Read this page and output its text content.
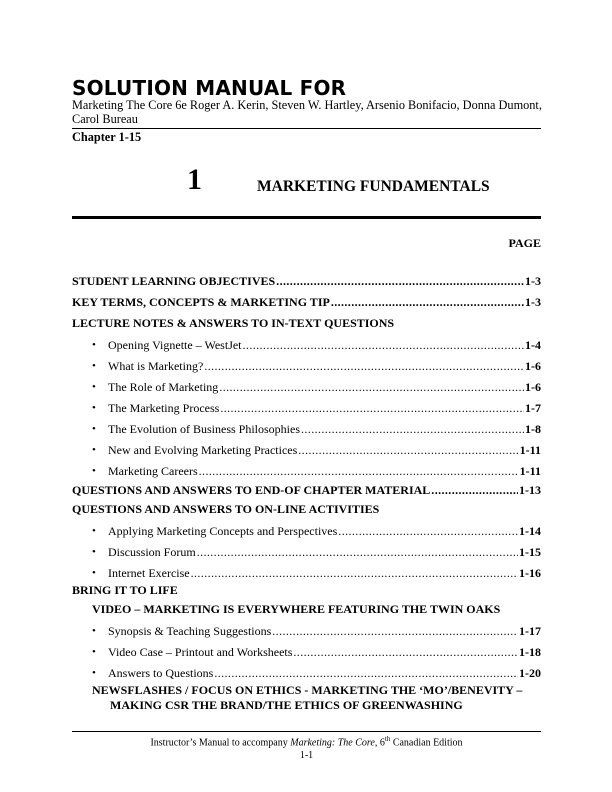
SOLUTION MANUAL FOR
Marketing The Core 6e Roger A. Kerin, Steven W. Hartley, Arsenio Bonifacio, Donna Dumont, Carol Bureau
Chapter 1-15
1	MARKETING FUNDAMENTALS
PAGE
STUDENT LEARNING OBJECTIVES .....	1-3
KEY TERMS, CONCEPTS & MARKETING TIP .....	1-3
LECTURE NOTES & ANSWERS TO IN-TEXT QUESTIONS
•	Opening Vignette – WestJet .....	1-4
•	What is Marketing? .....	1-6
•	The Role of Marketing .....	1-6
•	The Marketing Process .....	1-7
•	The Evolution of Business Philosophies .....	1-8
•	New and Evolving Marketing Practices .....	1-11
•	Marketing Careers .....	1-11
QUESTIONS AND ANSWERS TO END-OF CHAPTER MATERIAL .....	1-13
QUESTIONS AND ANSWERS TO ON-LINE ACTIVITIES
•	Applying Marketing Concepts and Perspectives .....	1-14
•	Discussion Forum .....	1-15
•	Internet Exercise .....	1-16
BRING IT TO LIFE
VIDEO – MARKETING IS EVERYWHERE FEATURING THE TWIN OAKS
•	Synopsis & Teaching Suggestions .....	1-17
•	Video Case – Printout and Worksheets .....	1-18
•	Answers to Questions .....	1-20
NEWSFLASHES / FOCUS ON ETHICS - MARKETING THE ‘MO’/BENEVITY –
MAKING CSR THE BRAND/THE ETHICS OF GREENWASHING
Instructor’s Manual to accompany Marketing: The Core, 6th Canadian Edition
1-1
